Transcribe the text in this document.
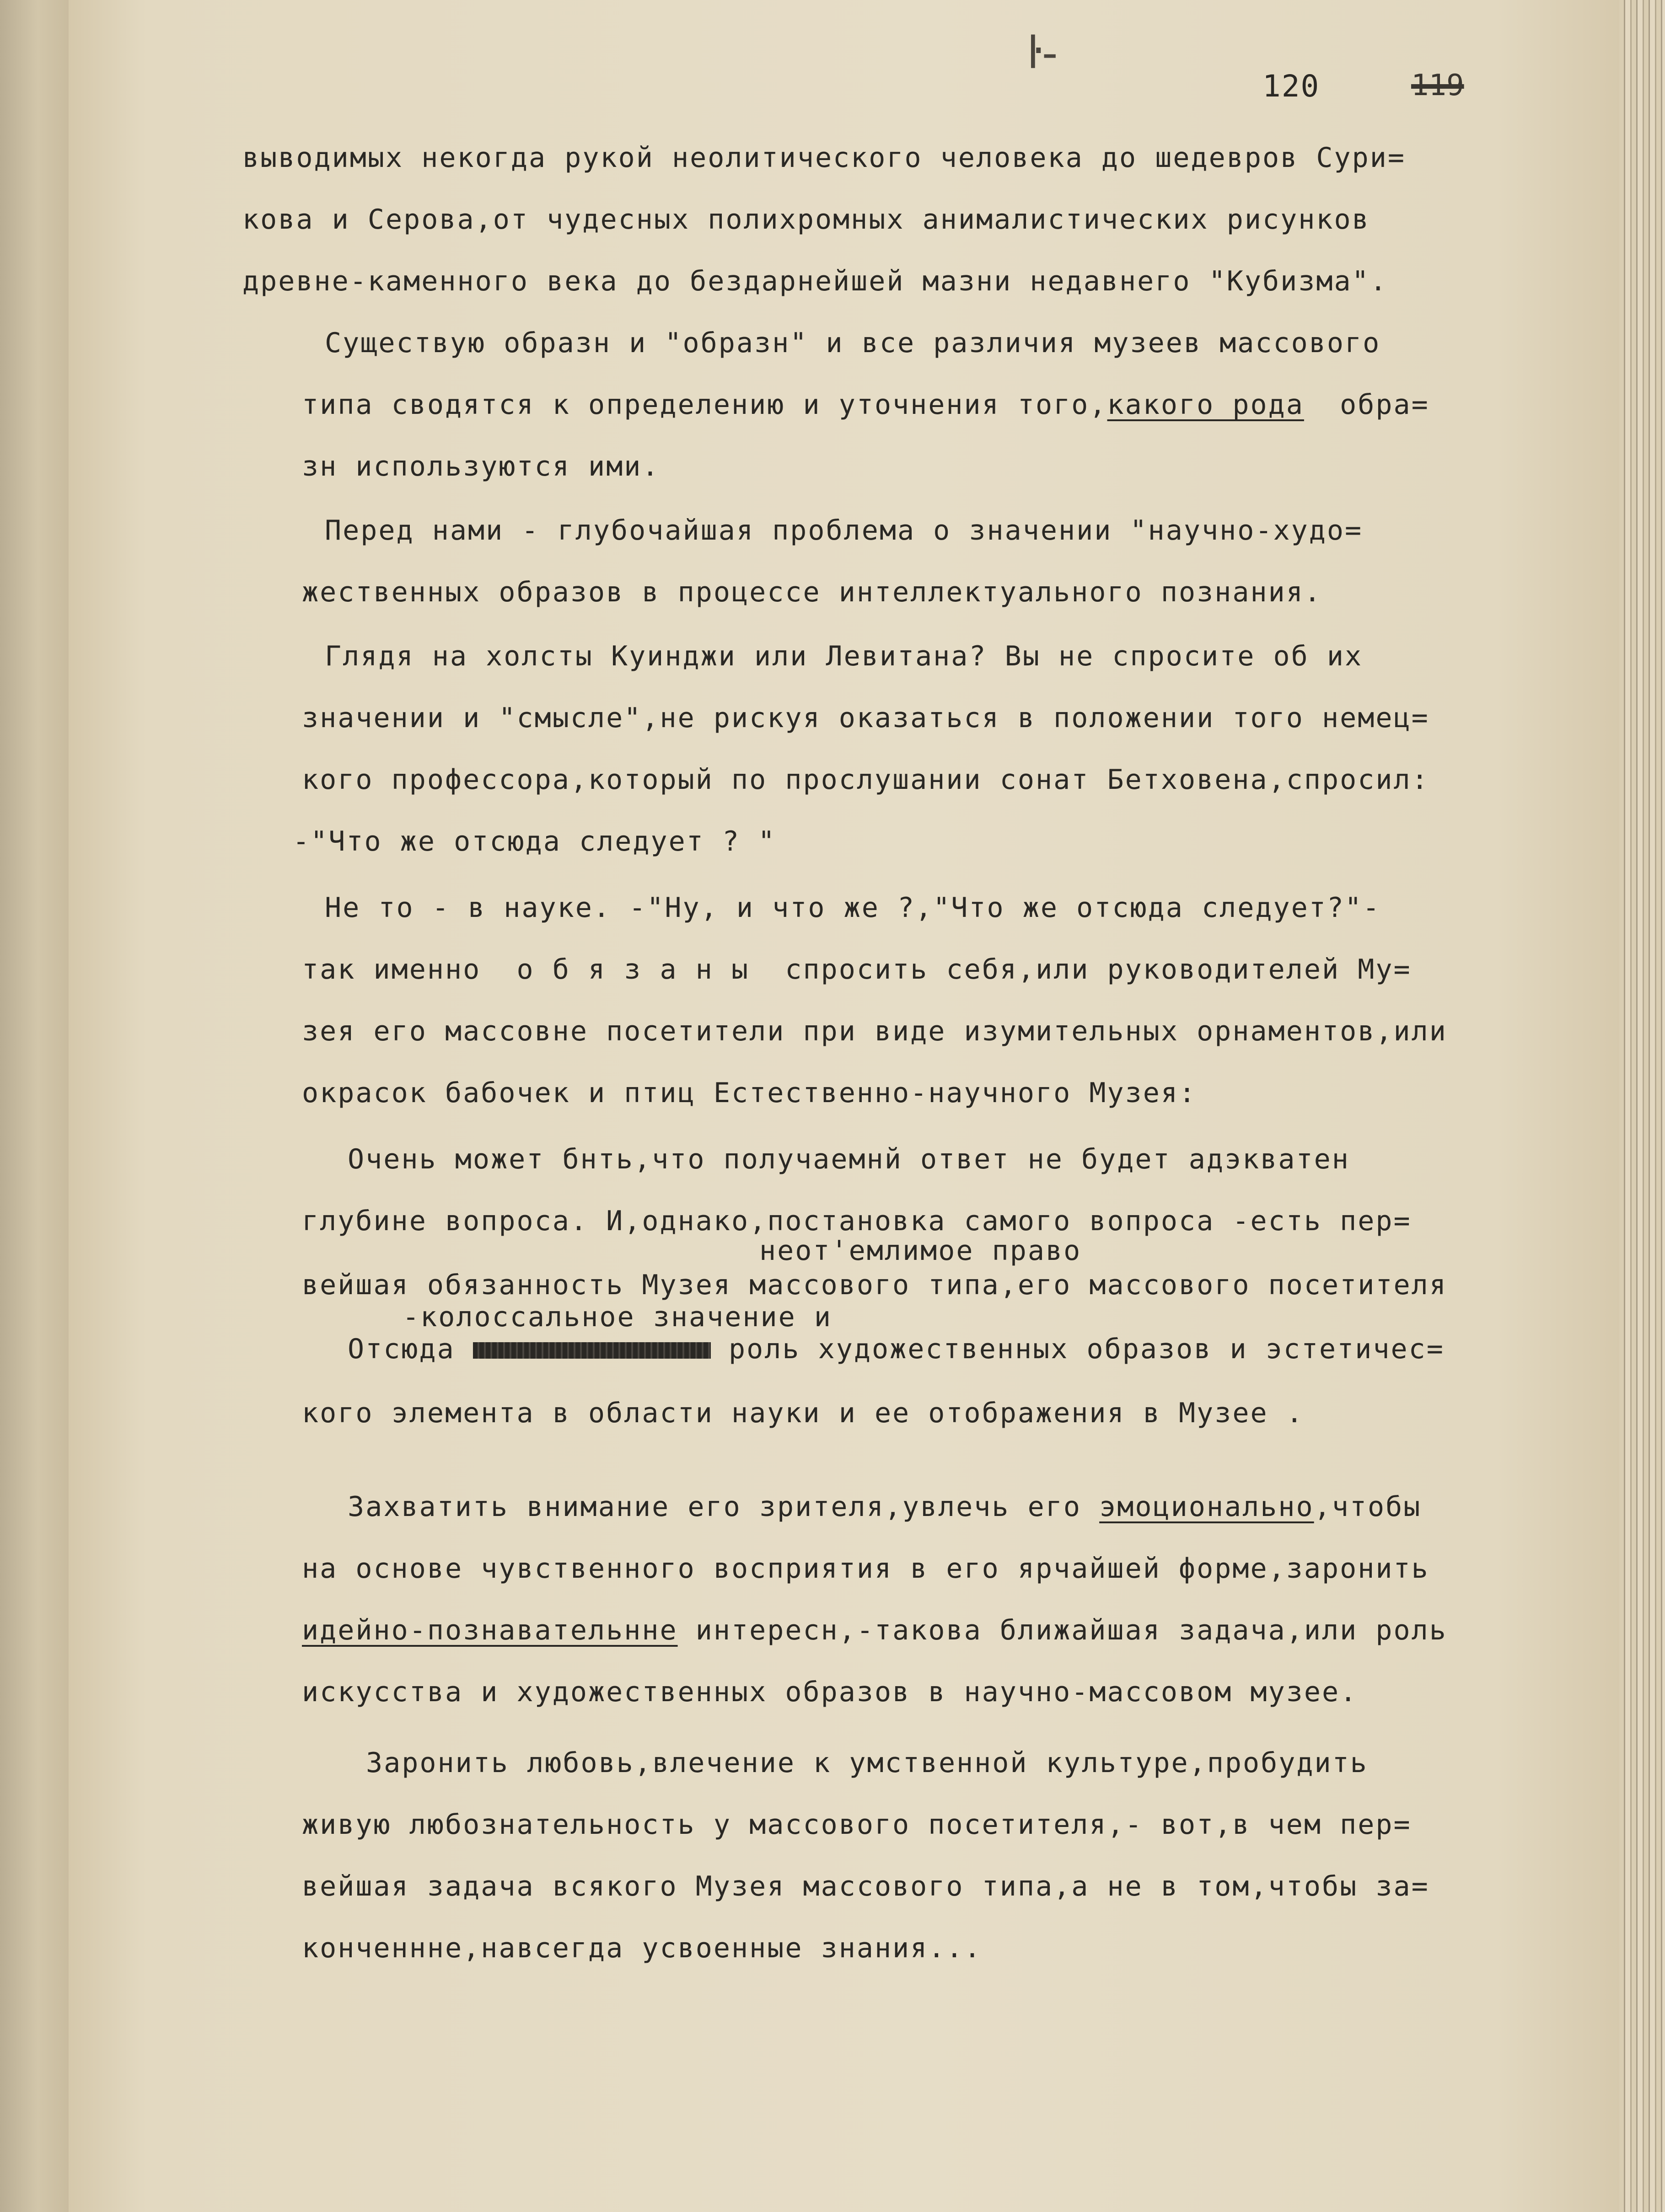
ŀ-
120	119

выводимых некогда рукой неолитического человека до шедевров Сури=

кова и Серова,от чудесных полихромных анималистических рисунков

древне-каменного века до бездарнейшей мазни недавнего "Кубизма".

Существую образн и "образн" и все различия музеев массового

типа сводятся к определению и уточнения того,какого рода обра=

зн используются ими.

Перед нами - глубочайшая проблема о значении "научно-худо=

жественных образов в процессе интеллектуального познания.

Глядя на холсты Куинджи или Левитана? Вы не спросите об их

значении и "смысле",не рискуя оказаться в положении того немец=

кого профессора,который по прослушании сонат Бетховена,спросил:

-"Что же отсюда следует ? "

Не то - в науке. -"Ну, и что же ?,"Что же отсюда следует?"-

так именно о б я з а н ы спросить себя,или руководителей Му=

зея его массовне посетители при виде изумительных орнаментов,или

окрасок бабочек и птиц Естественно-научного Музея:

Очень может бнть,что получаемнй ответ не будет адэкватен

глубине вопроса. И,однако,постановка самого вопроса -есть пер=

неот'емлимое право

вейшая обязанность Музея массового типа,его массового посетителя

-колоссальное значение и

Отсюда	роль художественных образов и эстетичес=

кого элемента в области науки и ее отображения в Музее .

Захватить внимание его зрителя,увлечь его эмоционально,чтобы

на основе чувственного восприятия в его ярчайшей форме,заронить

идейно-познавательнне интересн,-такова ближайшая задача,или роль

искусства и художественных образов в научно-массовом музее.

Заронить любовь,влечение к умственной культуре,пробудить

живую любознательность у массового посетителя,- вот,в чем пер=

вейшая задача всякого Музея массового типа,а не в том,чтобы за=

конченнне,навсегда усвоенные знания...
